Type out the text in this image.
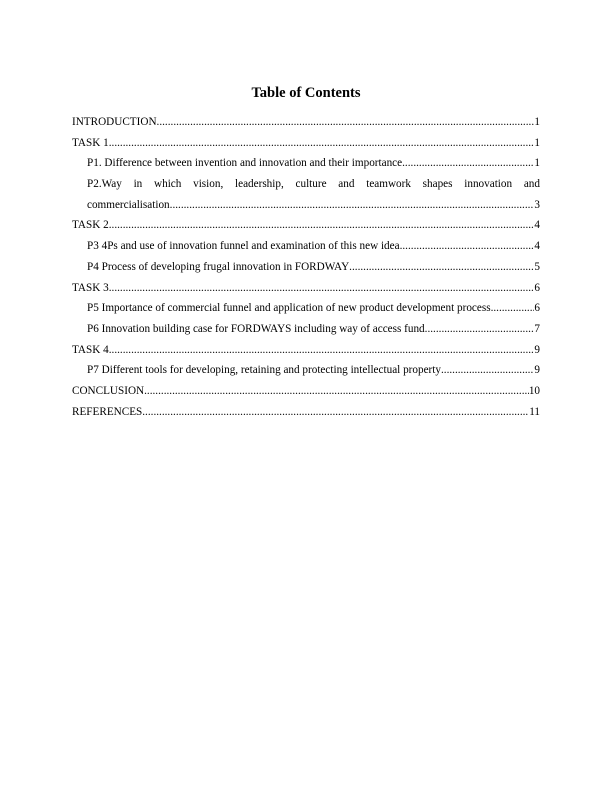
Table of Contents
INTRODUCTION .....	1
TASK 1 .....	1
P1. Difference between invention and innovation and their importance .....	1
P2.Way in which vision, leadership, culture and teamwork shapes innovation and
commercialisation .....	3
TASK 2 .....	4
P3 4Ps and use of innovation funnel and examination of this new idea .....	4
P4 Process of developing frugal innovation in FORDWAY .....	5
TASK 3 .....	6
P5 Importance of commercial funnel and application of new product development process .....	6
P6 Innovation building case for FORDWAYS including way of access fund .....	7
TASK 4 .....	9
P7 Different tools for developing, retaining and protecting intellectual property .....	9
CONCLUSION .....	10
REFERENCES .....	11
